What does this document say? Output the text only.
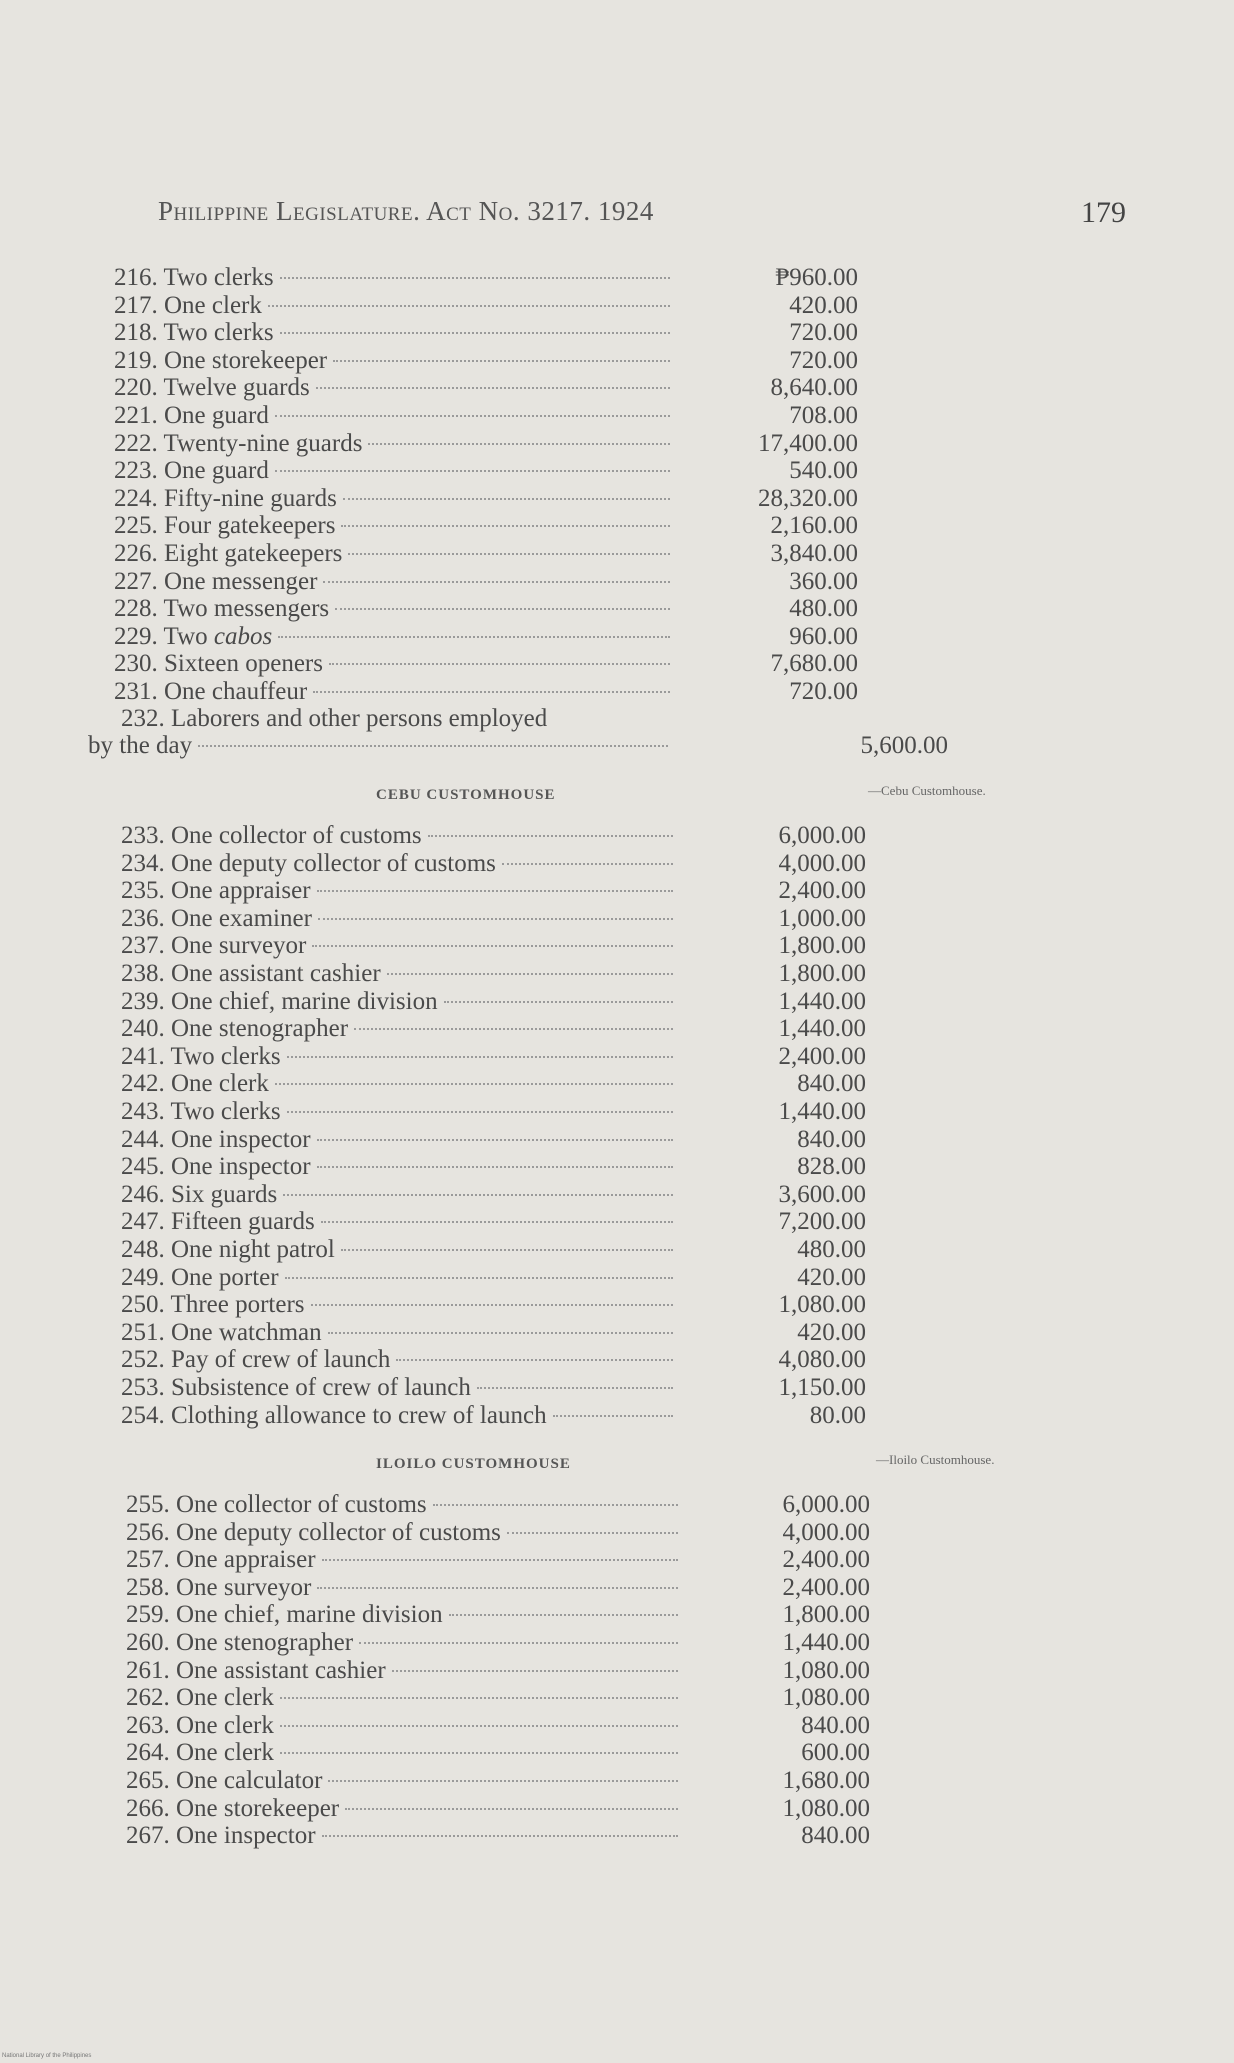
Philippine Legislature. Act No. 3217. 1924	179
216. Two clerks	₱960.00
217. One clerk	420.00
218. Two clerks	720.00
219. One storekeeper	720.00
220. Twelve guards	8,640.00
221. One guard	708.00
222. Twenty-nine guards	17,400.00
223. One guard	540.00
224. Fifty-nine guards	28,320.00
225. Four gatekeepers	2,160.00
226. Eight gatekeepers	3,840.00
227. One messenger	360.00
228. Two messengers	480.00
229. Two cabos	960.00
230. Sixteen openers	7,680.00
231. One chauffeur	720.00
232. Laborers and other persons employed
by the day	5,600.00
CEBU CUSTOMHOUSE	—Cebu Customhouse.
233. One collector of customs	6,000.00
234. One deputy collector of customs	4,000.00
235. One appraiser	2,400.00
236. One examiner	1,000.00
237. One surveyor	1,800.00
238. One assistant cashier	1,800.00
239. One chief, marine division	1,440.00
240. One stenographer	1,440.00
241. Two clerks	2,400.00
242. One clerk	840.00
243. Two clerks	1,440.00
244. One inspector	840.00
245. One inspector	828.00
246. Six guards	3,600.00
247. Fifteen guards	7,200.00
248. One night patrol	480.00
249. One porter	420.00
250. Three porters	1,080.00
251. One watchman	420.00
252. Pay of crew of launch	4,080.00
253. Subsistence of crew of launch	1,150.00
254. Clothing allowance to crew of launch	80.00
ILOILO CUSTOMHOUSE	—Iloilo Customhouse.
255. One collector of customs	6,000.00
256. One deputy collector of customs	4,000.00
257. One appraiser	2,400.00
258. One surveyor	2,400.00
259. One chief, marine division	1,800.00
260. One stenographer	1,440.00
261. One assistant cashier	1,080.00
262. One clerk	1,080.00
263. One clerk	840.00
264. One clerk	600.00
265. One calculator	1,680.00
266. One storekeeper	1,080.00
267. One inspector	840.00
National Library of the Philippines
